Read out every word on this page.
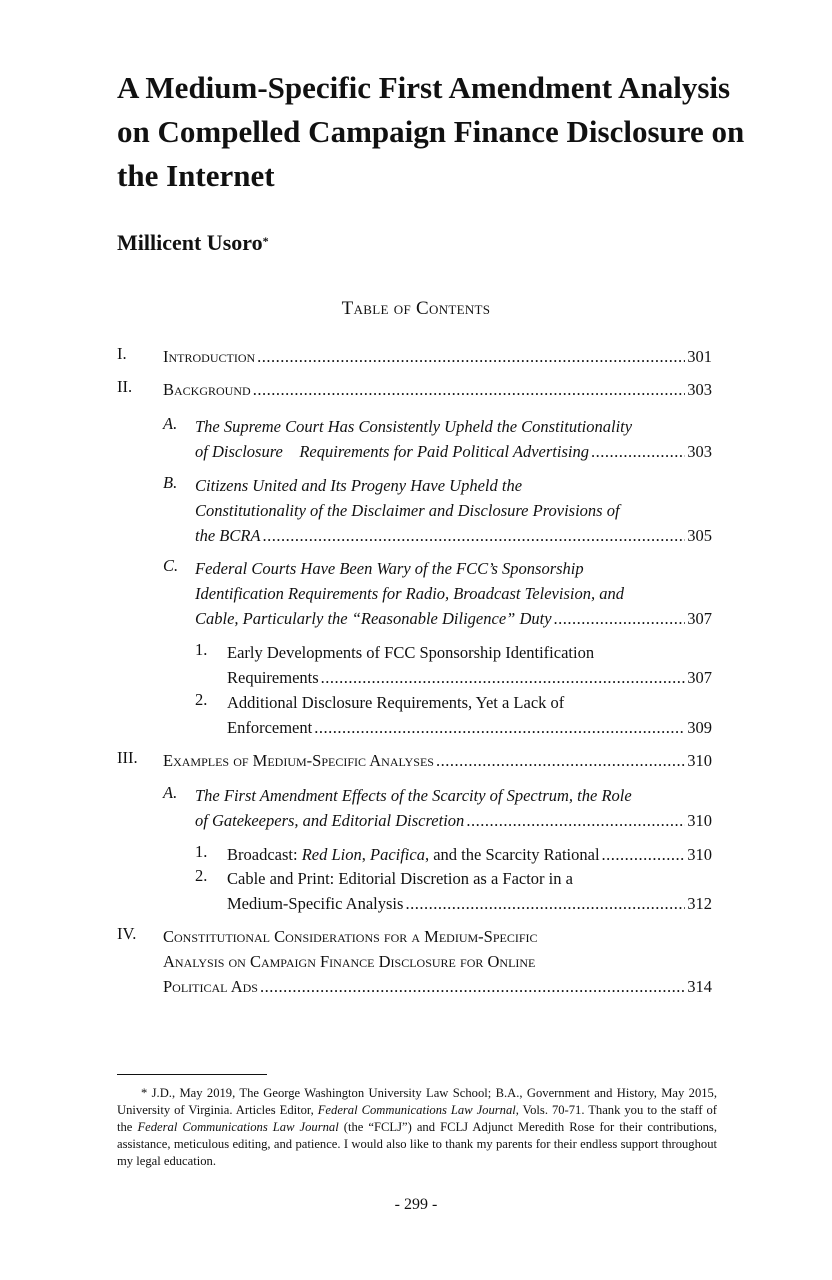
A Medium-Specific First Amendment Analysis on Compelled Campaign Finance Disclosure on the Internet
Millicent Usoro*
Table of Contents
I. Introduction .....	301
II. Background .....	303
A. The Supreme Court Has Consistently Upheld the Constitutionality
of Disclosure    Requirements for Paid Political Advertising .....	303
B. Citizens United and Its Progeny Have Upheld the
Constitutionality of the Disclaimer and Disclosure Provisions of
the BCRA .....	305
C. Federal Courts Have Been Wary of the FCC’s Sponsorship
Identification Requirements for Radio, Broadcast Television, and
Cable, Particularly the “Reasonable Diligence” Duty .....	307
1. Early Developments of FCC Sponsorship Identification
Requirements .....	307
2. Additional Disclosure Requirements, Yet a Lack of
Enforcement .....	309
III. Examples of Medium-Specific Analyses .....	310
A. The First Amendment Effects of the Scarcity of Spectrum, the Role
of Gatekeepers, and Editorial Discretion .....	310
1. Broadcast: Red Lion, Pacifica, and the Scarcity Rational .....	310
2. Cable and Print: Editorial Discretion as a Factor in a
Medium-Specific Analysis .....	312
IV. Constitutional Considerations for a Medium-Specific
Analysis on Campaign Finance Disclosure for Online
Political Ads .....	314

* J.D., May 2019, The George Washington University Law School; B.A., Government and History, May 2015, University of Virginia. Articles Editor, Federal Communications Law Journal, Vols. 70-71. Thank you to the staff of the Federal Communications Law Journal (the “FCLJ”) and FCLJ Adjunct Meredith Rose for their contributions, assistance, meticulous editing, and patience. I would also like to thank my parents for their endless support throughout my legal education.

- 299 -
